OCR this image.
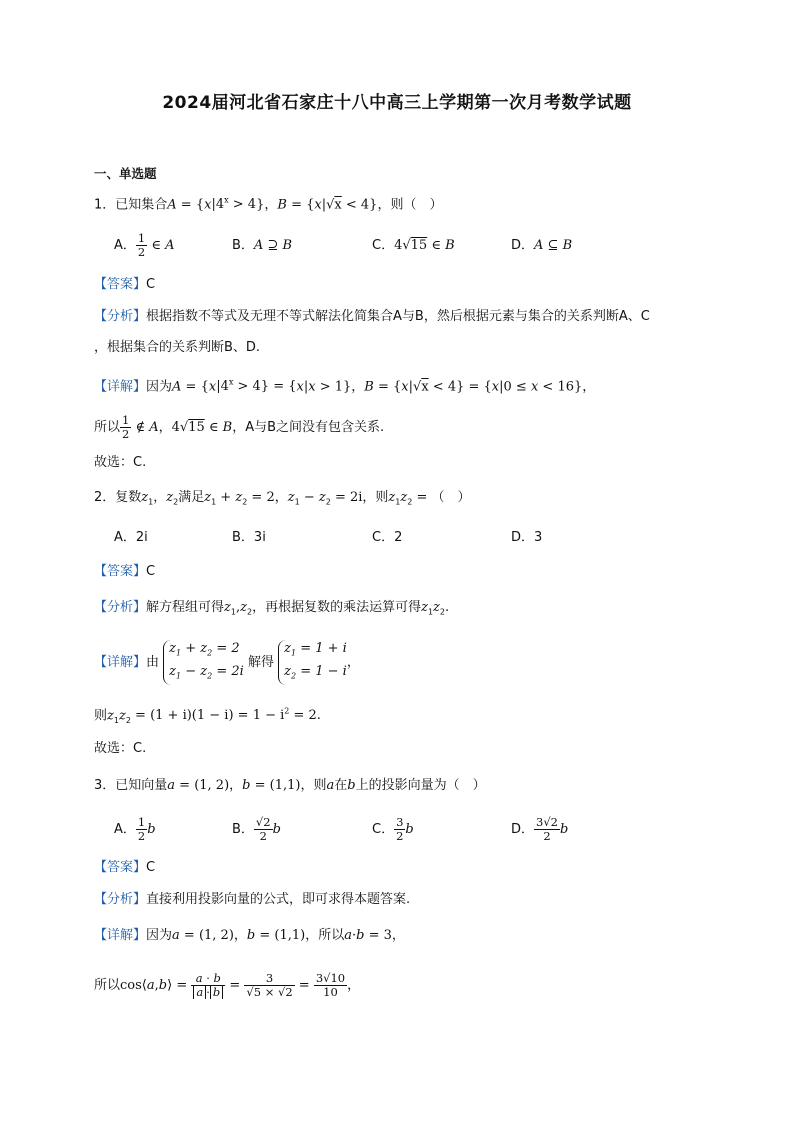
2024届河北省石家庄十八中高三上学期第一次月考数学试题
一、单选题
1．已知集合$A = \{x|4^x > 4\}$，B = {x|√x < 4}，则（　）
A． $\frac{1}{2}$ ∈ A	B．A ⊇ B	C．4√15 ∈ B	D．A ⊆ B
【答案】C
【分析】根据指数不等式及无理不等式解法化简集合A与B，然后根据元素与集合的关系判断A、C
，根据集合的关系判断B、D.
【详解】因为$A = \{x|4^x > 4\} = \{x|x > 1\}$，B = {x|√x < 4} = {x|0 ≤ x < 16}，
所以 $\frac{1}{2}$ ∉ A，4√15 ∈ B，A与B之间没有包含关系.
故选：C.
2．复数$z_1$，$z_2$满足$z_1 + z_2 = 2$，$z_1 - z_2 = 2i$，则$z_1z_2$ = （　）
A．2i	B．3i	C．2	D．3
【答案】C
【分析】解方程组可得$z_1,z_2$，再根据复数的乘法运算可得$z_1z_2$.
【详解】由
$z_1 + z_2 = 2$
$z_1 - z_2 = 2i$
解得
$z_1 = 1 + i$
$z_2 = 1 - i$
，
则$z_1z_2 = (1 + i)(1 - i) = 1 - i^2 = 2$.
故选：C.
3．已知向量a = (1, 2)，b = (1,1)，则a在b上的投影向量为（　）
A． $\frac{1}{2}$ b	B． $\frac{√2}{2}$ b	C． $\frac{3}{2}$ b	D． $\frac{3√2}{2}$ b
【答案】C
【分析】直接利用投影向量的公式，即可求得本题答案.
【详解】因为a = (1, 2)，b = (1,1)，所以a·b = 3，
所以cos⟨a,b⟩ = $\frac{a \cdot b}{a \cdot b} = \frac{3}{√5 \times √2} = \frac{3√10}{10}$ ，
